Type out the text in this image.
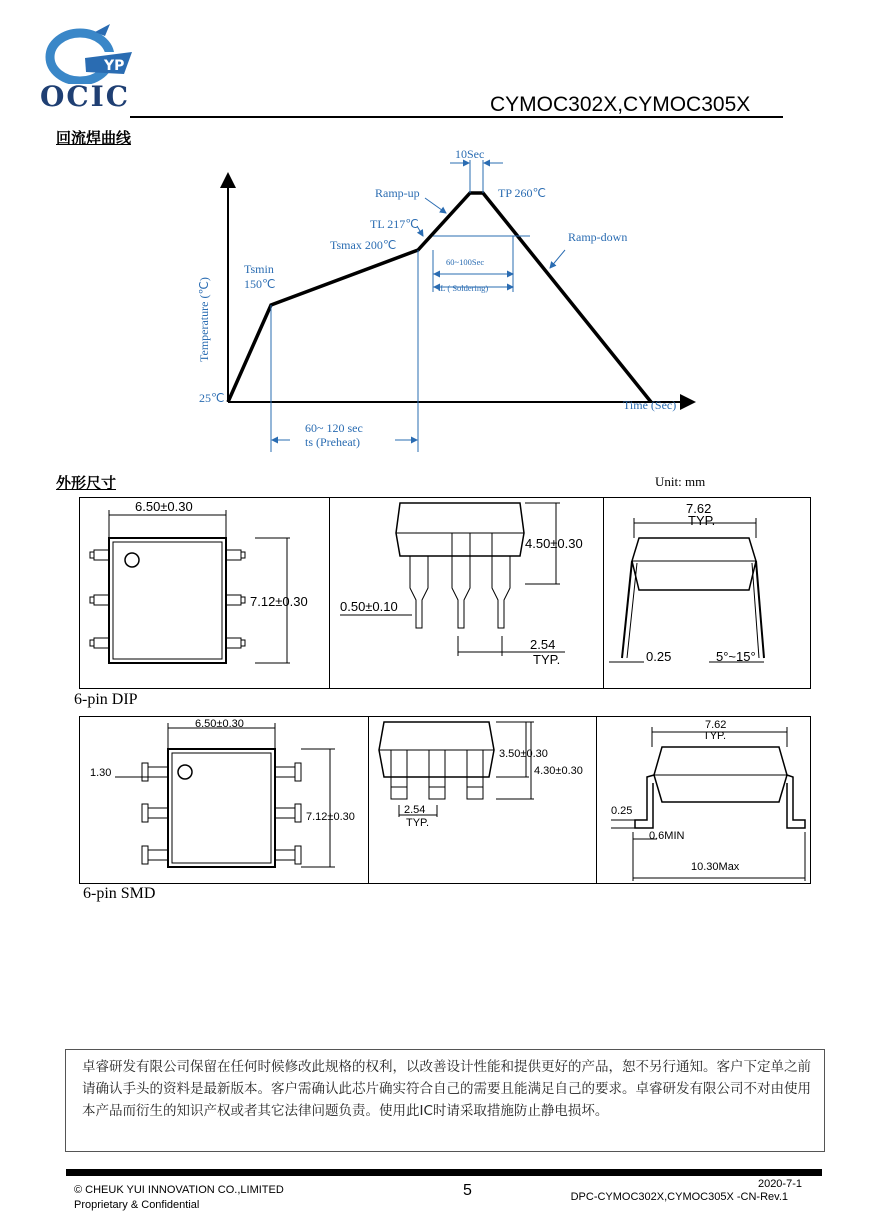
YP
OCIC	CYMOC302X,CYMOC305X
回流焊曲线
10Sec
Ramp-up	TP 260℃
TL 217℃
Tsmax 200℃
Ramp-down
Tsmin
150℃
60~100Sec
tL ( Soldering)
Temperature (℃)
25℃	Time (Sec)
60~ 120 sec
ts (Preheat)
外形尺寸	Unit: mm
6.50±0.30
7.12±0.30
4.50±0.30
0.50±0.10
2.54
TYP.
7.62
TYP.
0.25	5°~15°
6-pin DIP
6.50±0.30
1.30
7.12±0.30
3.50±0.30
4.30±0.30
2.54
TYP.
7.62
TYP.
0.25
0.6MIN
10.30Max
6-pin SMD
卓睿研发有限公司保留在任何时候修改此规格的权利，以改善设计性能和提供更好的产品，恕不另行通知。客户下定单之前请确认手头的资料是最新版本。客户需确认此芯片确实符合自己的需要且能满足自己的要求。卓睿研发有限公司不对由使用本产品而衍生的知识产权或者其它法律问题负责。使用此IC时请采取措施防止静电损坏。
© CHEUK YUI INNOVATION CO.,LIMITED
Proprietary & Confidential
5	2020-7-1
DPC-CYMOC302X,CYMOC305X -CN-Rev.1
